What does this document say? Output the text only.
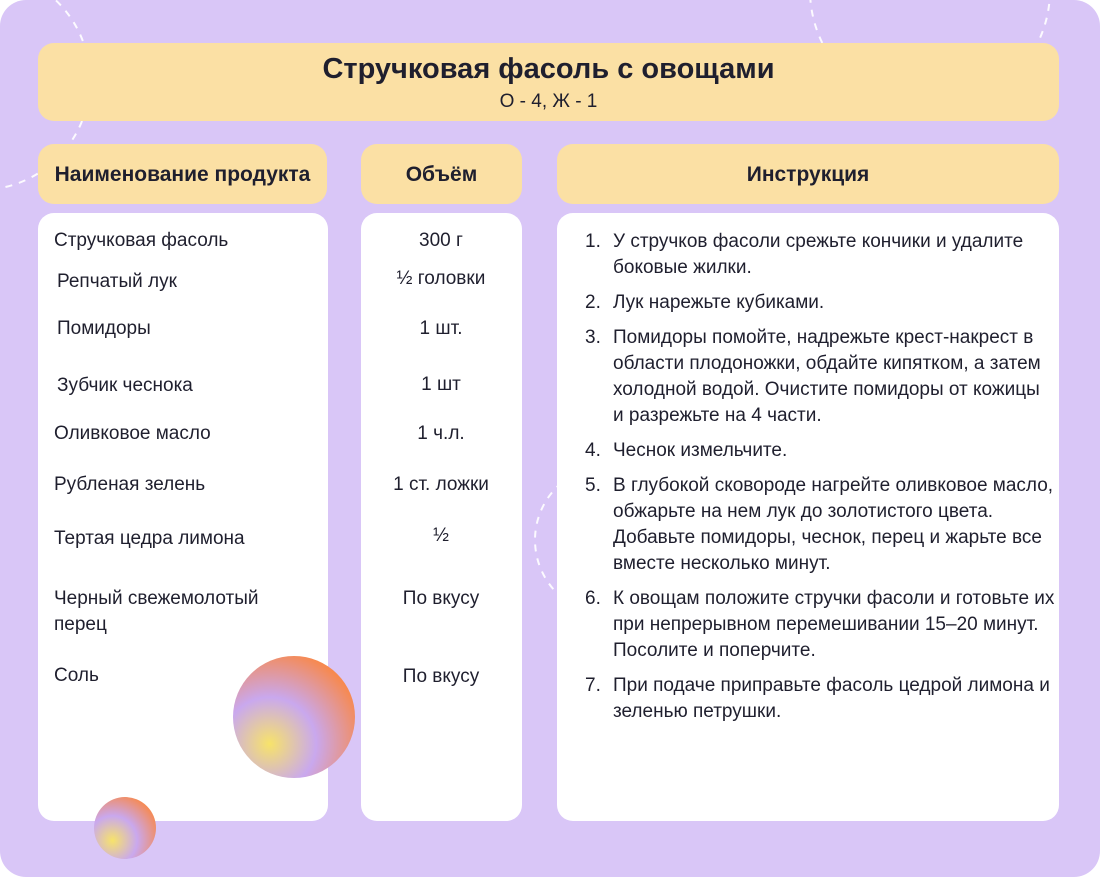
Стручковая фасоль с овощами
О - 4, Ж - 1
Наименование продукта	Объём	Инструкция
Стручковая фасоль
Репчатый лук
Помидоры
Зубчик чеснока
Оливковое масло
Рубленая зелень
Тертая цедра лимона
Черный свежемолотый перец
Соль
300 г
½ головки
1 шт.
1 шт
1 ч.л.
1 ст. ложки
½
По вкусу
По вкусу
1. У стручков фасоли срежьте кончики и удалите боковые жилки.
2. Лук нарежьте кубиками.
3. Помидоры помойте, надрежьте крест-накрест в области плодоножки, обдайте кипятком, а затем холодной водой. Очистите помидоры от кожицы и разрежьте на 4 части.
4. Чеснок измельчите.
5. В глубокой сковороде нагрейте оливковое масло, обжарьте на нем лук до золотистого цвета. Добавьте помидоры, чеснок, перец и жарьте все вместе несколько минут.
6. К овощам положите стручки фасоли и готовьте их при непрерывном перемешивании 15–20 минут. Посолите и поперчите.
7. При подаче приправьте фасоль цедрой лимона и зеленью петрушки.
